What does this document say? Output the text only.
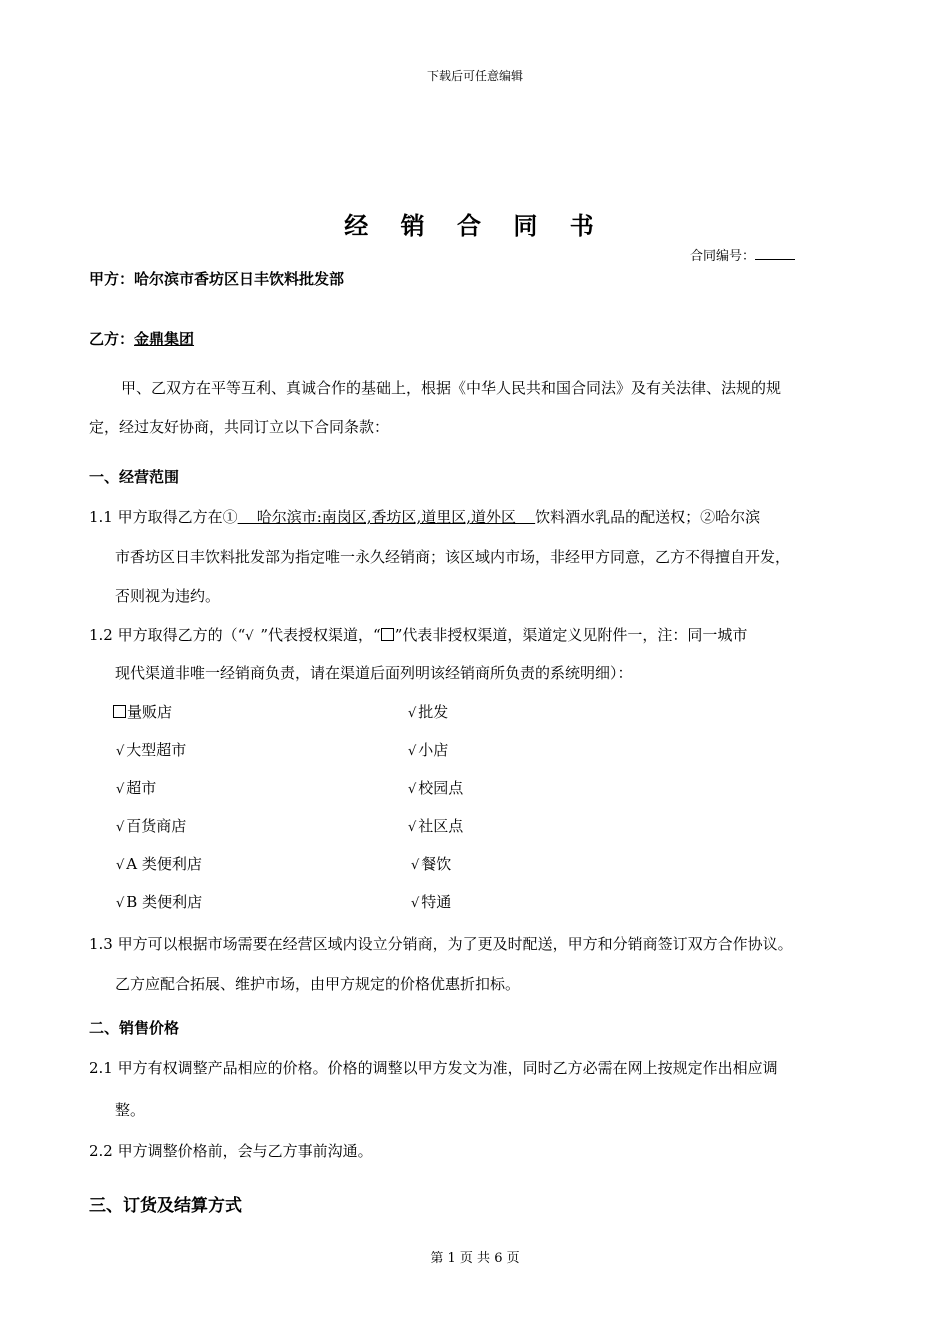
下载后可任意编辑
经 销 合 同 书
合同编号：
甲方：哈尔滨市香坊区日丰饮料批发部
乙方：金鼎集团
甲、乙双方在平等互利、真诚合作的基础上，根据《中华人民共和国合同法》及有关法律、法规的规
定，经过友好协商，共同订立以下合同条款：
一、经营范围
1.1 甲方取得乙方在①    哈尔滨市:南岗区,香坊区,道里区,道外区    饮料酒水乳品的配送权；②哈尔滨
市香坊区日丰饮料批发部为指定唯一永久经销商；该区域内市场，非经甲方同意，乙方不得擅自开发，
否则视为违约。
1.2 甲方取得乙方的（“√ ”代表授权渠道，“ ”代表非授权渠道，渠道定义见附件一，注：同一城市
现代渠道非唯一经销商负责，请在渠道后面列明该经销商所负责的系统明细）：
量贩店
√ 大型超市
√ 超市
√ 百货商店
√ A 类便利店
√ B 类便利店
√ 批发
√ 小店
√ 校园点
√ 社区点
√ 餐饮
√ 特通
1.3 甲方可以根据市场需要在经营区域内设立分销商，为了更及时配送，甲方和分销商签订双方合作协议。
乙方应配合拓展、维护市场，由甲方规定的价格优惠折扣标。
二、销售价格
2.1 甲方有权调整产品相应的价格。价格的调整以甲方发文为准，同时乙方必需在网上按规定作出相应调
整。
2.2 甲方调整价格前，会与乙方事前沟通。
三、订货及结算方式
第 1 页 共 6 页
